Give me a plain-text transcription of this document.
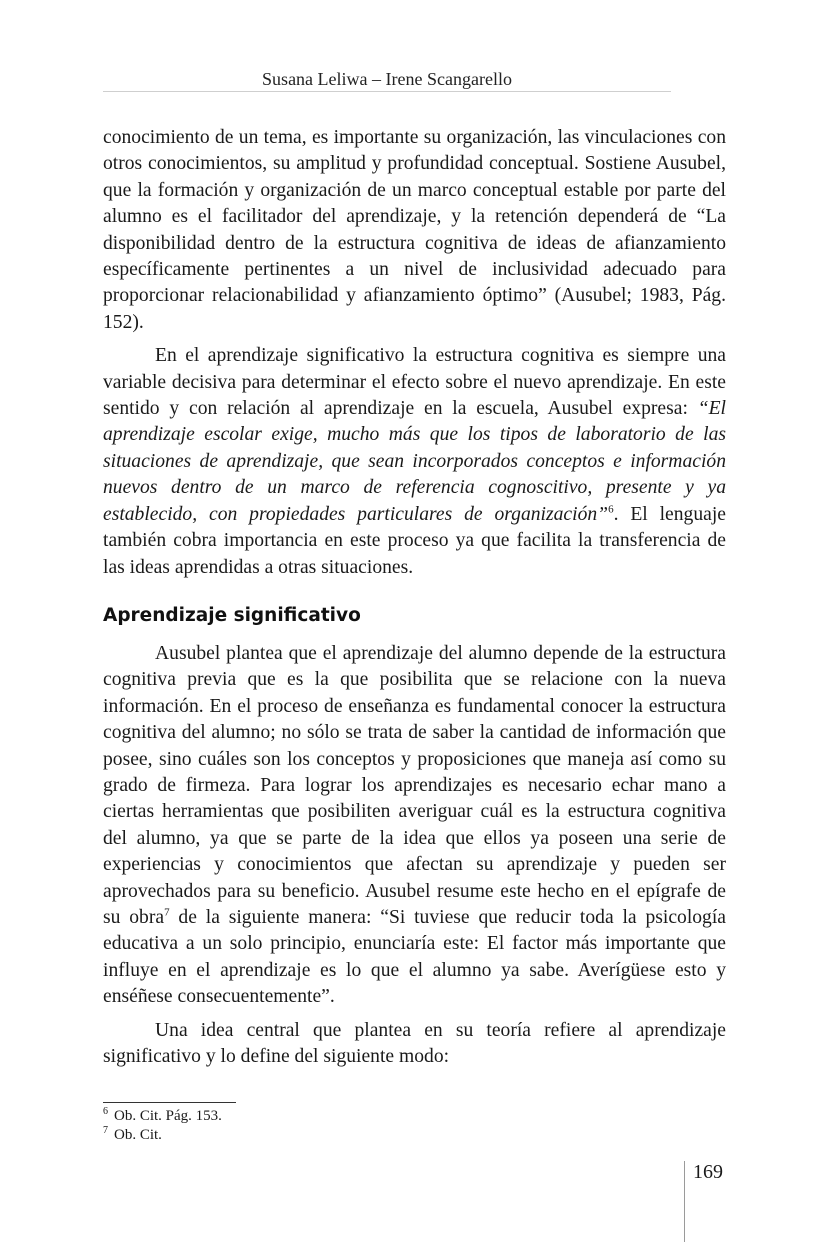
Susana Leliwa – Irene Scangarello

conocimiento de un tema, es importante su organización, las vinculaciones con otros conocimientos, su amplitud y profundidad conceptual. Sostiene Ausubel, que la formación y organización de un marco conceptual estable por parte del alumno es el facilitador del aprendizaje, y la retención dependerá de “La disponibilidad dentro de la estructura cognitiva de ideas de afianzamiento específicamente pertinentes a un nivel de inclusividad adecuado para proporcionar relacionabilidad y afianzamiento óptimo” (Ausubel; 1983, Pág. 152).

En el aprendizaje significativo la estructura cognitiva es siempre una variable decisiva para determinar el efecto sobre el nuevo aprendizaje. En este sentido y con relación al aprendizaje en la escuela, Ausubel expresa: “El aprendizaje escolar exige, mucho más que los tipos de laboratorio de las situaciones de aprendizaje, que sean incorporados conceptos e información nuevos dentro de un marco de referencia cognoscitivo, presente y ya establecido, con propiedades particulares de organización”$^6$. El lenguaje también cobra importancia en este proceso ya que facilita la transferencia de las ideas aprendidas a otras situaciones.

Aprendizaje significativo

Ausubel plantea que el aprendizaje del alumno depende de la estructura cognitiva previa que es la que posibilita que se relacione con la nueva información. En el proceso de enseñanza es fundamental conocer la estructura cognitiva del alumno; no sólo se trata de saber la cantidad de información que posee, sino cuáles son los conceptos y proposiciones que maneja así como su grado de firmeza. Para lograr los aprendizajes es necesario echar mano a ciertas herramientas que posibiliten averiguar cuál es la estructura cognitiva del alumno, ya que se parte de la idea que ellos ya poseen una serie de experiencias y conocimientos que afectan su aprendizaje y pueden ser aprovechados para su beneficio. Ausubel resume este hecho en el epígrafe de su obra$^7$ de la siguiente manera: “Si tuviese que reducir toda la psicología educativa a un solo principio, enunciaría este: El factor más importante que influye en el aprendizaje es lo que el alumno ya sabe. Averígüese esto y enséñese consecuentemente”.

Una idea central que plantea en su teoría refiere al aprendizaje significativo y lo define del siguiente modo:

$^6$ Ob. Cit. Pág. 153.
$^7$ Ob. Cit.
169
